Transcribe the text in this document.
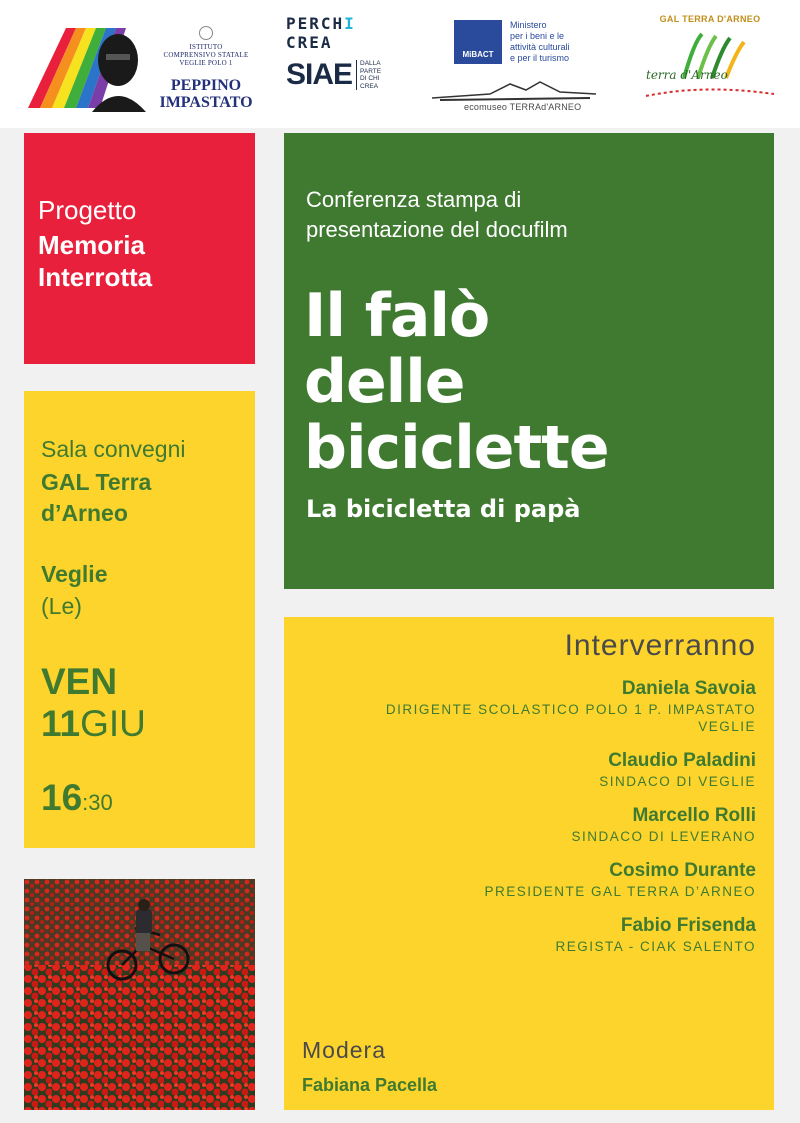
ISTITUTO
COMPRENSIVO STATALE
VEGLIE POLO 1
PEPPINO
IMPASTATO
PERCHI
CREA
SIAE DALLA
PARTE
DI CHI
CREA
MiBACT
Ministero
per i beni e le
attività culturali
e per il turismo
ecomuseo TERRAd'ARNEO
GAL TERRA D'ARNEO
terra d'Arneo
Progetto
Memoria
Interrotta
Conferenza stampa di
presentazione del docufilm
Il falò
delle
biciclette
La bicicletta di papà
Sala convegni
GAL Terra
d’Arneo
Veglie
(Le)
VEN
11GIU
16:30
Interverranno
Daniela Savoia
DIRIGENTE SCOLASTICO POLO 1 P. IMPASTATO
VEGLIE
Claudio Paladini
SINDACO DI VEGLIE
Marcello Rolli
SINDACO DI LEVERANO
Cosimo Durante
PRESIDENTE GAL TERRA D’ARNEO
Fabio Frisenda
REGISTA - CIAK SALENTO
Modera
Fabiana Pacella
